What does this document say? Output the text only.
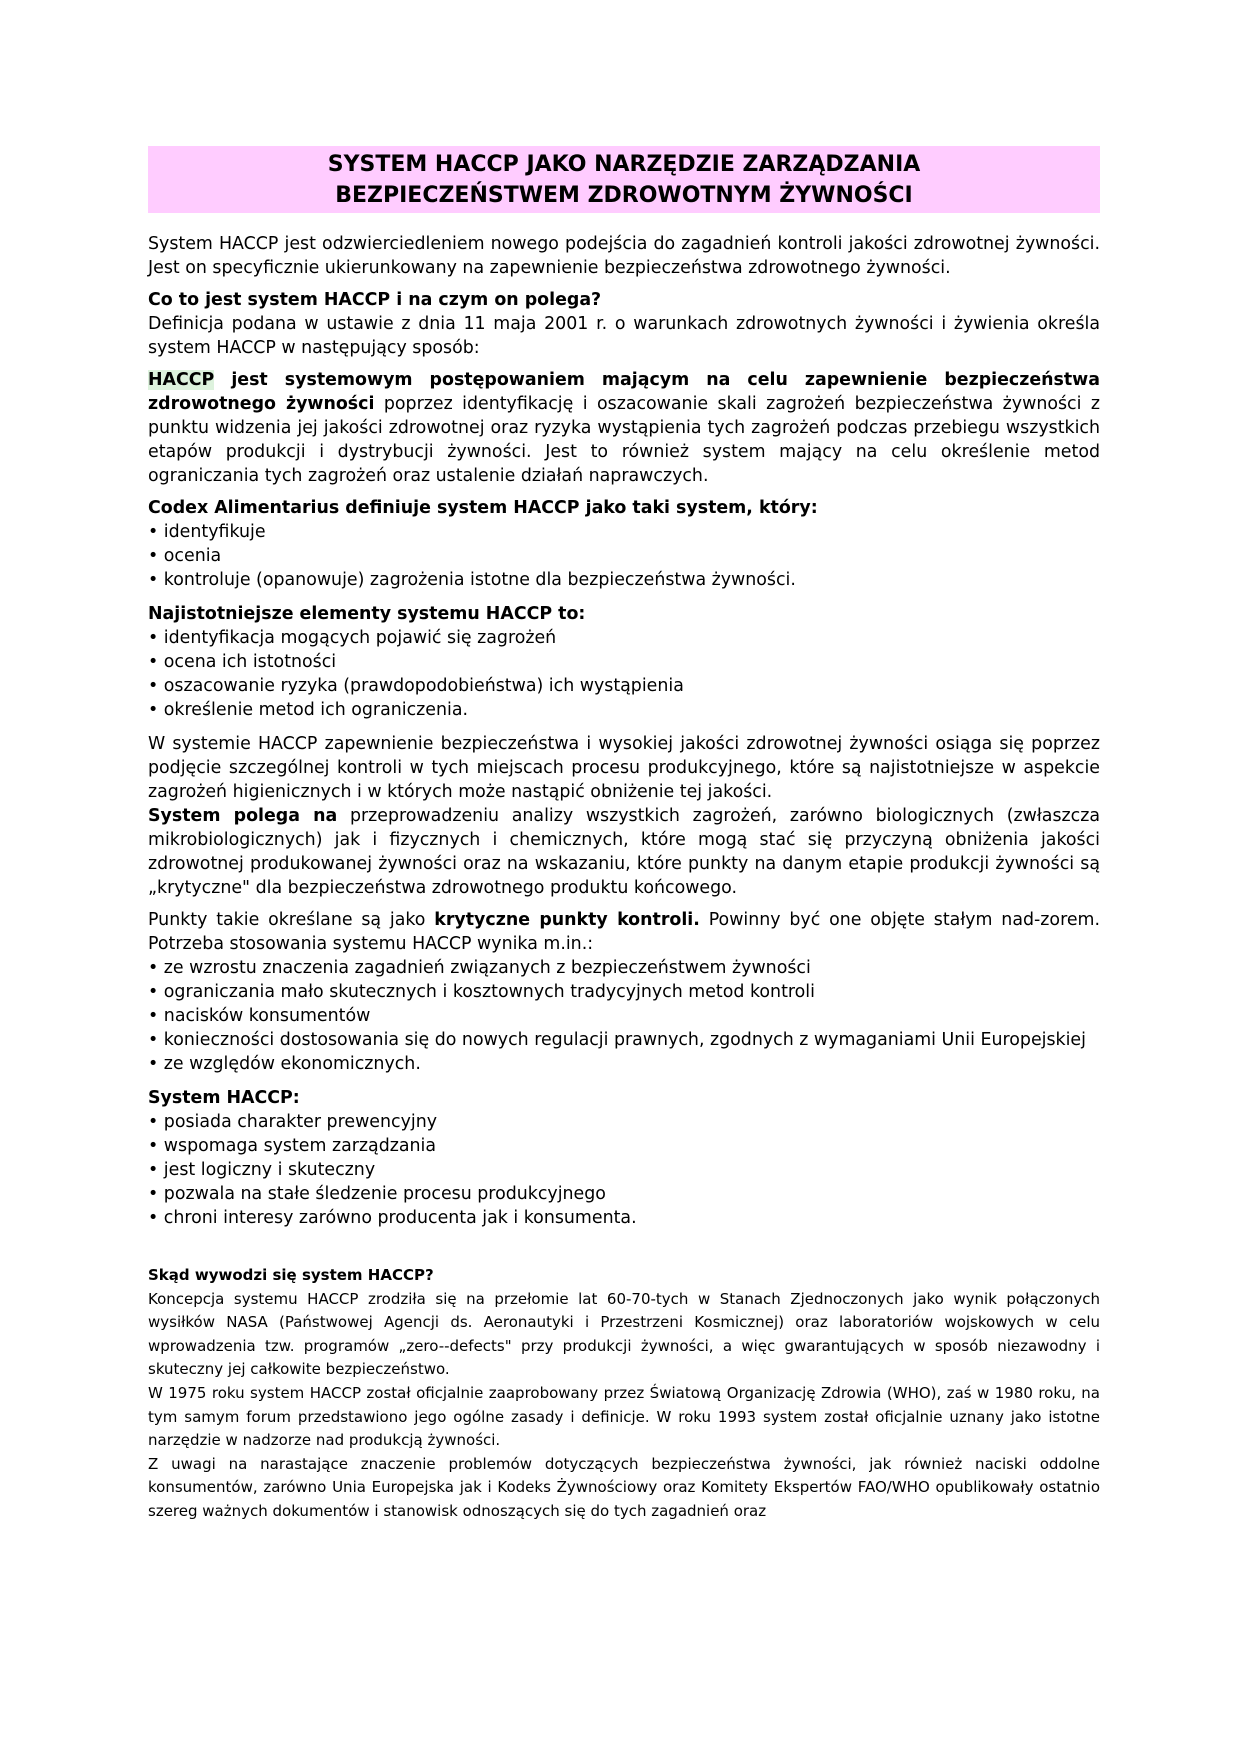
SYSTEM HACCP JAKO NARZĘDZIE ZARZĄDZANIA
BEZPIECZEŃSTWEM ZDROWOTNYM ŻYWNOŚCI

System HACCP jest odzwierciedleniem nowego podejścia do zagadnień kontroli jakości zdrowotnej żywności. Jest on specyficznie ukierunkowany na zapewnienie bezpieczeństwa zdrowotnego żywności.

Co to jest system HACCP i na czym on polega?

Definicja podana w ustawie z dnia 11 maja 2001 r. o warunkach zdrowotnych żywności i żywienia określa system HACCP w następujący sposób:

HACCP jest systemowym postępowaniem mającym na celu zapewnienie bezpieczeństwa zdrowotnego żywności poprzez identyfikację i oszacowanie skali zagrożeń bezpieczeństwa żywności z punktu widzenia jej jakości zdrowotnej oraz ryzyka wystąpienia tych zagrożeń podczas przebiegu wszystkich etapów produkcji i dystrybucji żywności. Jest to również system mający na celu określenie metod ograniczania tych zagrożeń oraz ustalenie działań naprawczych.

Codex Alimentarius definiuje system HACCP jako taki system, który:
• identyfikuje
• ocenia
• kontroluje (opanowuje) zagrożenia istotne dla bezpieczeństwa żywności.
Najistotniejsze elementy systemu HACCP to:
• identyfikacja mogących pojawić się zagrożeń
• ocena ich istotności
• oszacowanie ryzyka (prawdopodobieństwa) ich wystąpienia
• określenie metod ich ograniczenia.

W systemie HACCP zapewnienie bezpieczeństwa i wysokiej jakości zdrowotnej żywności osiąga się poprzez podjęcie szczególnej kontroli w tych miejscach procesu produkcyjnego, które są najistotniejsze w aspekcie zagrożeń higienicznych i w których może nastąpić obniżenie tej jakości.

System polega na przeprowadzeniu analizy wszystkich zagrożeń, zarówno biologicznych (zwłaszcza mikrobiologicznych) jak i fizycznych i chemicznych, które mogą stać się przyczyną obniżenia jakości zdrowotnej produkowanej żywności oraz na wskazaniu, które punkty na danym etapie produkcji żywności są „krytyczne" dla bezpieczeństwa zdrowotnego produktu końcowego.

Punkty takie określane są jako krytyczne punkty kontroli. Powinny być one objęte stałym nad-zorem. Potrzeba stosowania systemu HACCP wynika m.in.:

• ze wzrostu znaczenia zagadnień związanych z bezpieczeństwem żywności
• ograniczania mało skutecznych i kosztownych tradycyjnych metod kontroli
• nacisków konsumentów

• konieczności dostosowania się do nowych regulacji prawnych, zgodnych z wymaganiami Unii Europejskiej

• ze względów ekonomicznych.
System HACCP:
• posiada charakter prewencyjny
• wspomaga system zarządzania
• jest logiczny i skuteczny
• pozwala na stałe śledzenie procesu produkcyjnego
• chroni interesy zarówno producenta jak i konsumenta.
Skąd wywodzi się system HACCP?

Koncepcja systemu HACCP zrodziła się na przełomie lat 60-70-tych w Stanach Zjednoczonych jako wynik połączonych wysiłków NASA (Państwowej Agencji ds. Aeronautyki i Przestrzeni Kosmicznej) oraz laboratoriów wojskowych w celu wprowadzenia tzw. programów „zero--defects" przy produkcji żywności, a więc gwarantujących w sposób niezawodny i skuteczny jej całkowite bezpieczeństwo.

W 1975 roku system HACCP został oficjalnie zaaprobowany przez Światową Organizację Zdrowia (WHO), zaś w 1980 roku, na tym samym forum przedstawiono jego ogólne zasady i definicje. W roku 1993 system został oficjalnie uznany jako istotne narzędzie w nadzorze nad produkcją żywności.

Z uwagi na narastające znaczenie problemów dotyczących bezpieczeństwa żywności, jak również naciski oddolne konsumentów, zarówno Unia Europejska jak i Kodeks Żywnościowy oraz Komitety Ekspertów FAO/WHO opublikowały ostatnio szereg ważnych dokumentów i stanowisk odnoszących się do tych zagadnień oraz
